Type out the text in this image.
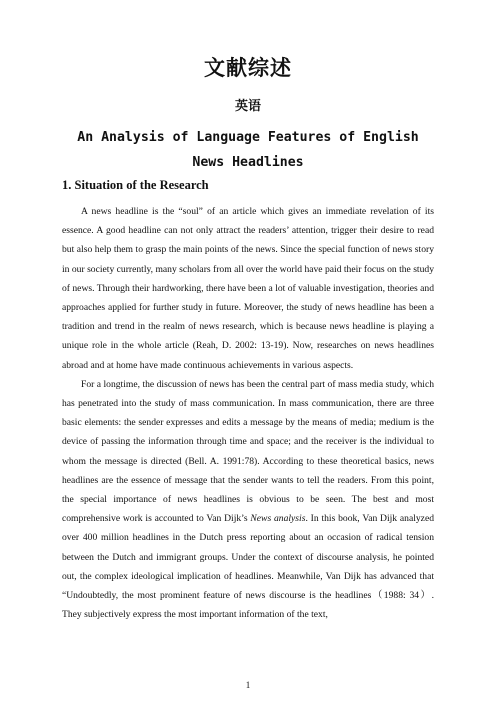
文献综述
英语
An Analysis of Language Features of English News Headlines
1. Situation of the Research

A news headline is the “soul” of an article which gives an immediate revelation of its essence. A good headline can not only attract the readers’ attention, trigger their desire to read but also help them to grasp the main points of the news. Since the special function of news story in our society currently, many scholars from all over the world have paid their focus on the study of news. Through their hardworking, there have been a lot of valuable investigation, theories and approaches applied for further study in future. Moreover, the study of news headline has been a tradition and trend in the realm of news research, which is because news headline is playing a unique role in the whole article (Reah, D. 2002: 13-19). Now, researches on news headlines abroad and at home have made continuous achievements in various aspects.

For a longtime, the discussion of news has been the central part of mass media study, which has penetrated into the study of mass communication. In mass communication, there are three basic elements: the sender expresses and edits a message by the means of media; medium is the device of passing the information through time and space; and the receiver is the individual to whom the message is directed (Bell. A. 1991:78). According to these theoretical basics, news headlines are the essence of message that the sender wants to tell the readers. From this point, the special importance of news headlines is obvious to be seen. The best and most comprehensive work is accounted to Van Dijk’s News analysis. In this book, Van Dijk analyzed over 400 million headlines in the Dutch press reporting about an occasion of radical tension between the Dutch and immigrant groups. Under the context of discourse analysis, he pointed out, the complex ideological implication of headlines. Meanwhile, Van Dijk has advanced that “Undoubtedly, the most prominent feature of news discourse is the headlines（1988: 34）. They subjectively express the most important information of the text,

1
